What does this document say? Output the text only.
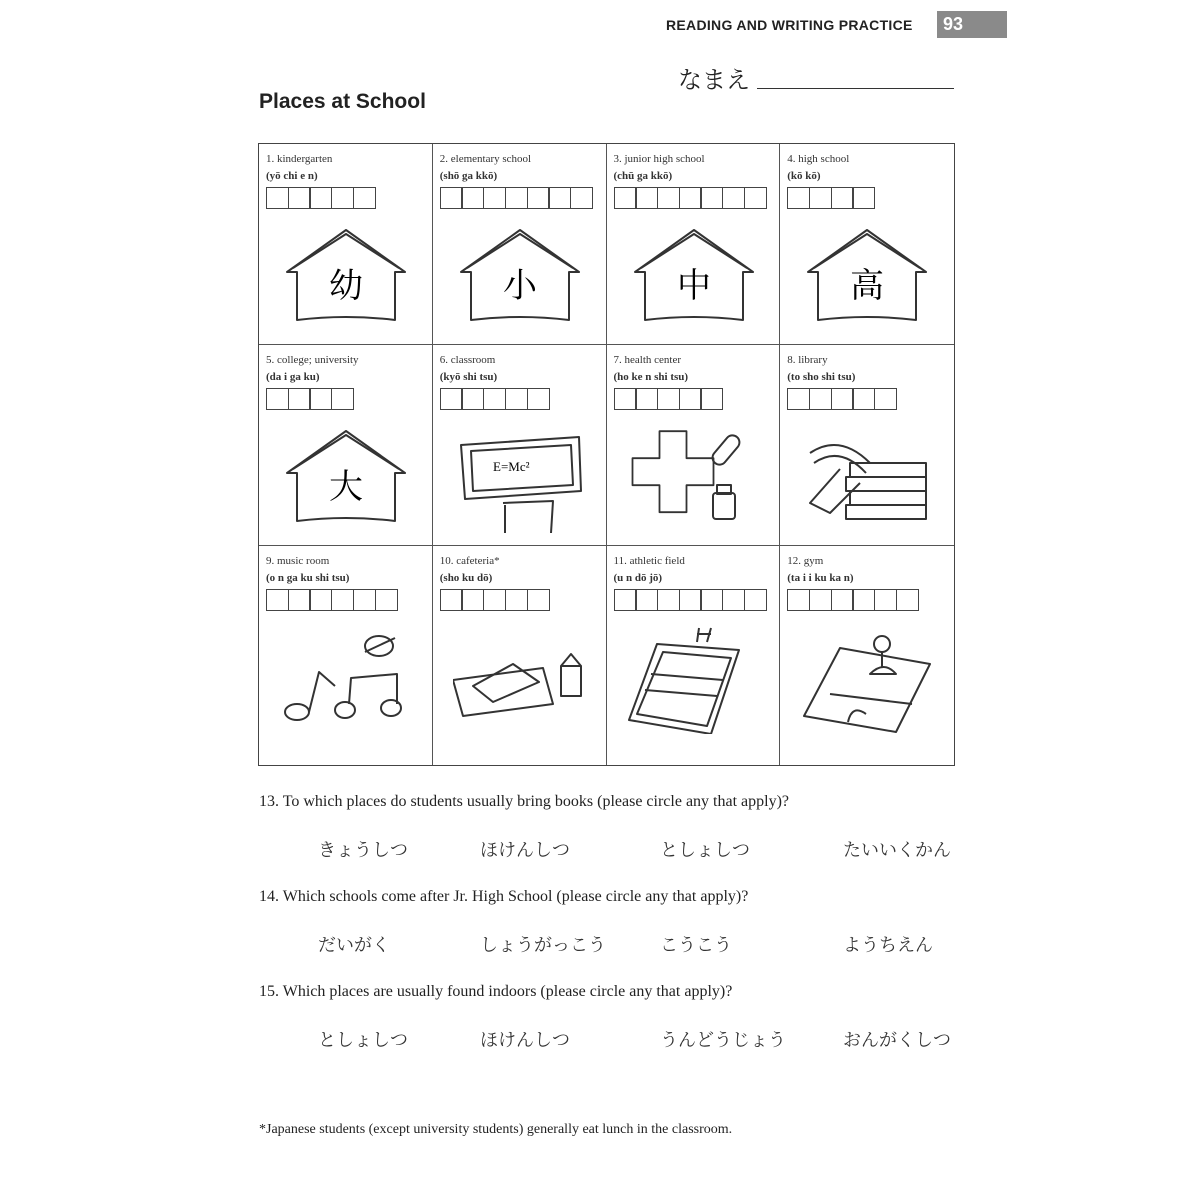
READING AND WRITING PRACTICE	93
なまえ
Places at School
1. kindergarten
(yō chi e n)
幼
2. elementary school
(shō ga kkō)
小
3. junior high school
(chū ga kkō)
中
4. high school
(kō kō)
高
5. college; university
(da i ga ku)
大
6. classroom
(kyō shi tsu)
E=Mc²
7. health center
(ho ke n shi tsu)
8. library
(to sho shi tsu)
9. music room
(o n ga ku shi tsu)
10. cafeteria*
(sho ku dō)
11. athletic field
(u n dō jō)
12. gym
(ta i i ku ka n)
13. To which places do students usually bring books (please circle any that apply)?
きょうしつ	ほけんしつ	としょしつ	たいいくかん
14. Which schools come after Jr. High School (please circle any that apply)?
だいがく	しょうがっこう	こうこう	ようちえん
15. Which places are usually found indoors (please circle any that apply)?
としょしつ	ほけんしつ	うんどうじょう	おんがくしつ
*Japanese students (except university students) generally eat lunch in the classroom.
